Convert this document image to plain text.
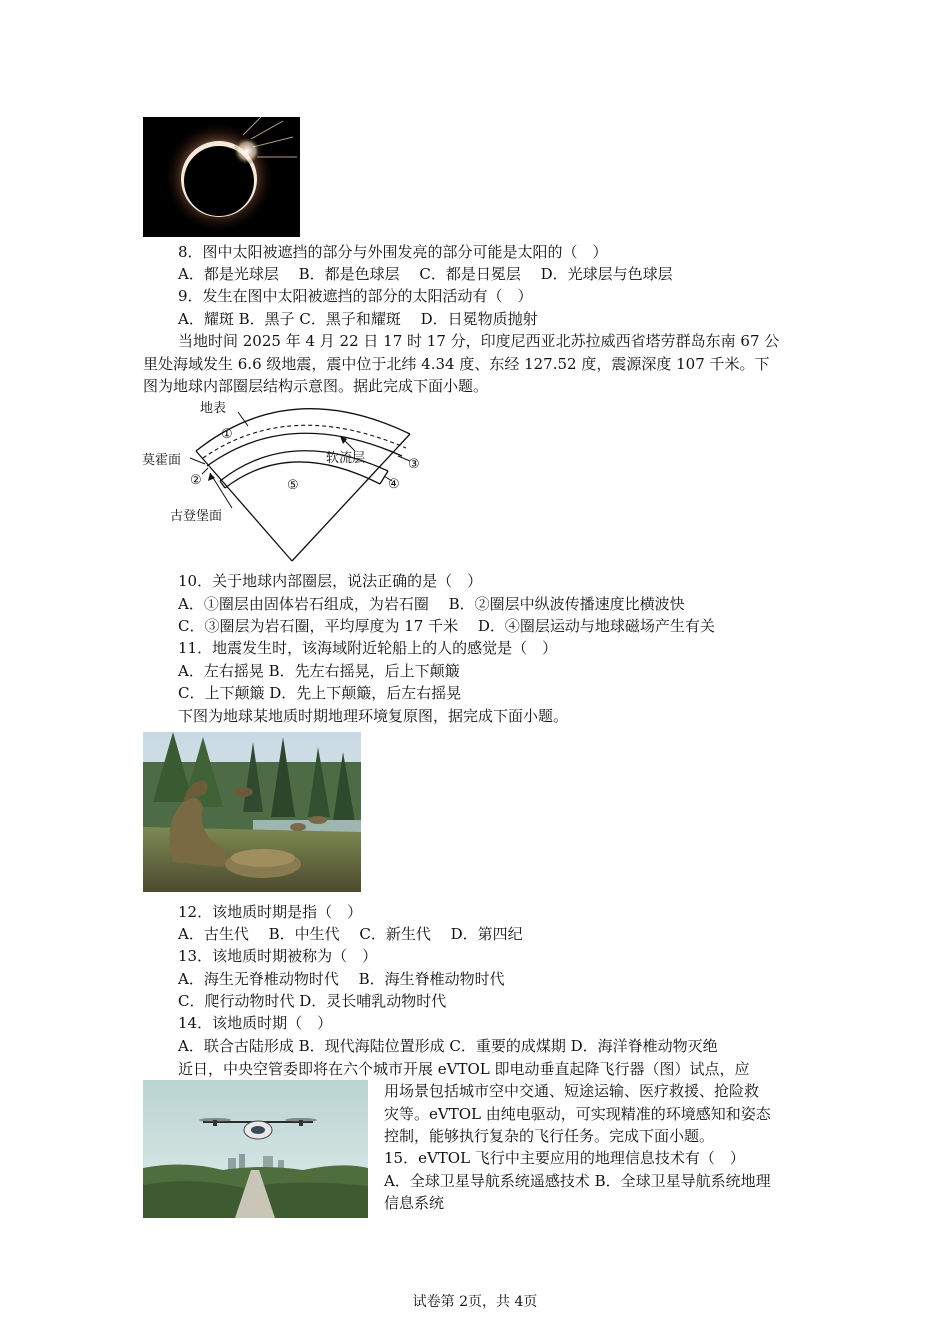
8．图中太阳被遮挡的部分与外围发亮的部分可能是太阳的（　）
A．都是光球层　 B．都是色球层　 C．都是日冕层　 D．光球层与色球层
9．发生在图中太阳被遮挡的部分的太阳活动有（　）
A．耀斑 B．黑子 C．黑子和耀斑　 D．日冕物质抛射
当地时间 2025 年 4 月 22 日 17 时 17 分，印度尼西亚北苏拉威西省塔劳群岛东南 67 公
里处海域发生 6.6 级地震，震中位于北纬 4.34 度、东经 127.52 度，震源深度 107 千米。下
图为地球内部圈层结构示意图。据此完成下面小题。
地表
莫霍面
古登堡面
软流层
①
②
③
④
⑤
10．关于地球内部圈层，说法正确的是（　）
A．①圈层由固体岩石组成，为岩石圈　 B．②圈层中纵波传播速度比横波快
C．③圈层为岩石圈，平均厚度为 17 千米　 D．④圈层运动与地球磁场产生有关
11．地震发生时，该海域附近轮船上的人的感觉是（　）
A．左右摇晃 B．先左右摇晃，后上下颠簸
C．上下颠簸 D．先上下颠簸，后左右摇晃
下图为地球某地质时期地理环境复原图，据完成下面小题。
12．该地质时期是指（　）
A．古生代　 B．中生代　 C．新生代　 D．第四纪
13．该地质时期被称为（　）
A．海生无脊椎动物时代　 B．海生脊椎动物时代
C．爬行动物时代 D．灵长哺乳动物时代
14．该地质时期（　）
A．联合古陆形成 B．现代海陆位置形成 C．重要的成煤期 D．海洋脊椎动物灭绝
近日，中央空管委即将在六个城市开展 eVTOL 即电动垂直起降飞行器（图）试点，应
用场景包括城市空中交通、短途运输、医疗救援、抢险救
灾等。eVTOL 由纯电驱动，可实现精准的环境感知和姿态
控制，能够执行复杂的飞行任务。完成下面小题。
15．eVTOL 飞行中主要应用的地理信息技术有（　）
A．全球卫星导航系统遥感技术 B．全球卫星导航系统地理
信息系统
试卷第 2页，共 4页
